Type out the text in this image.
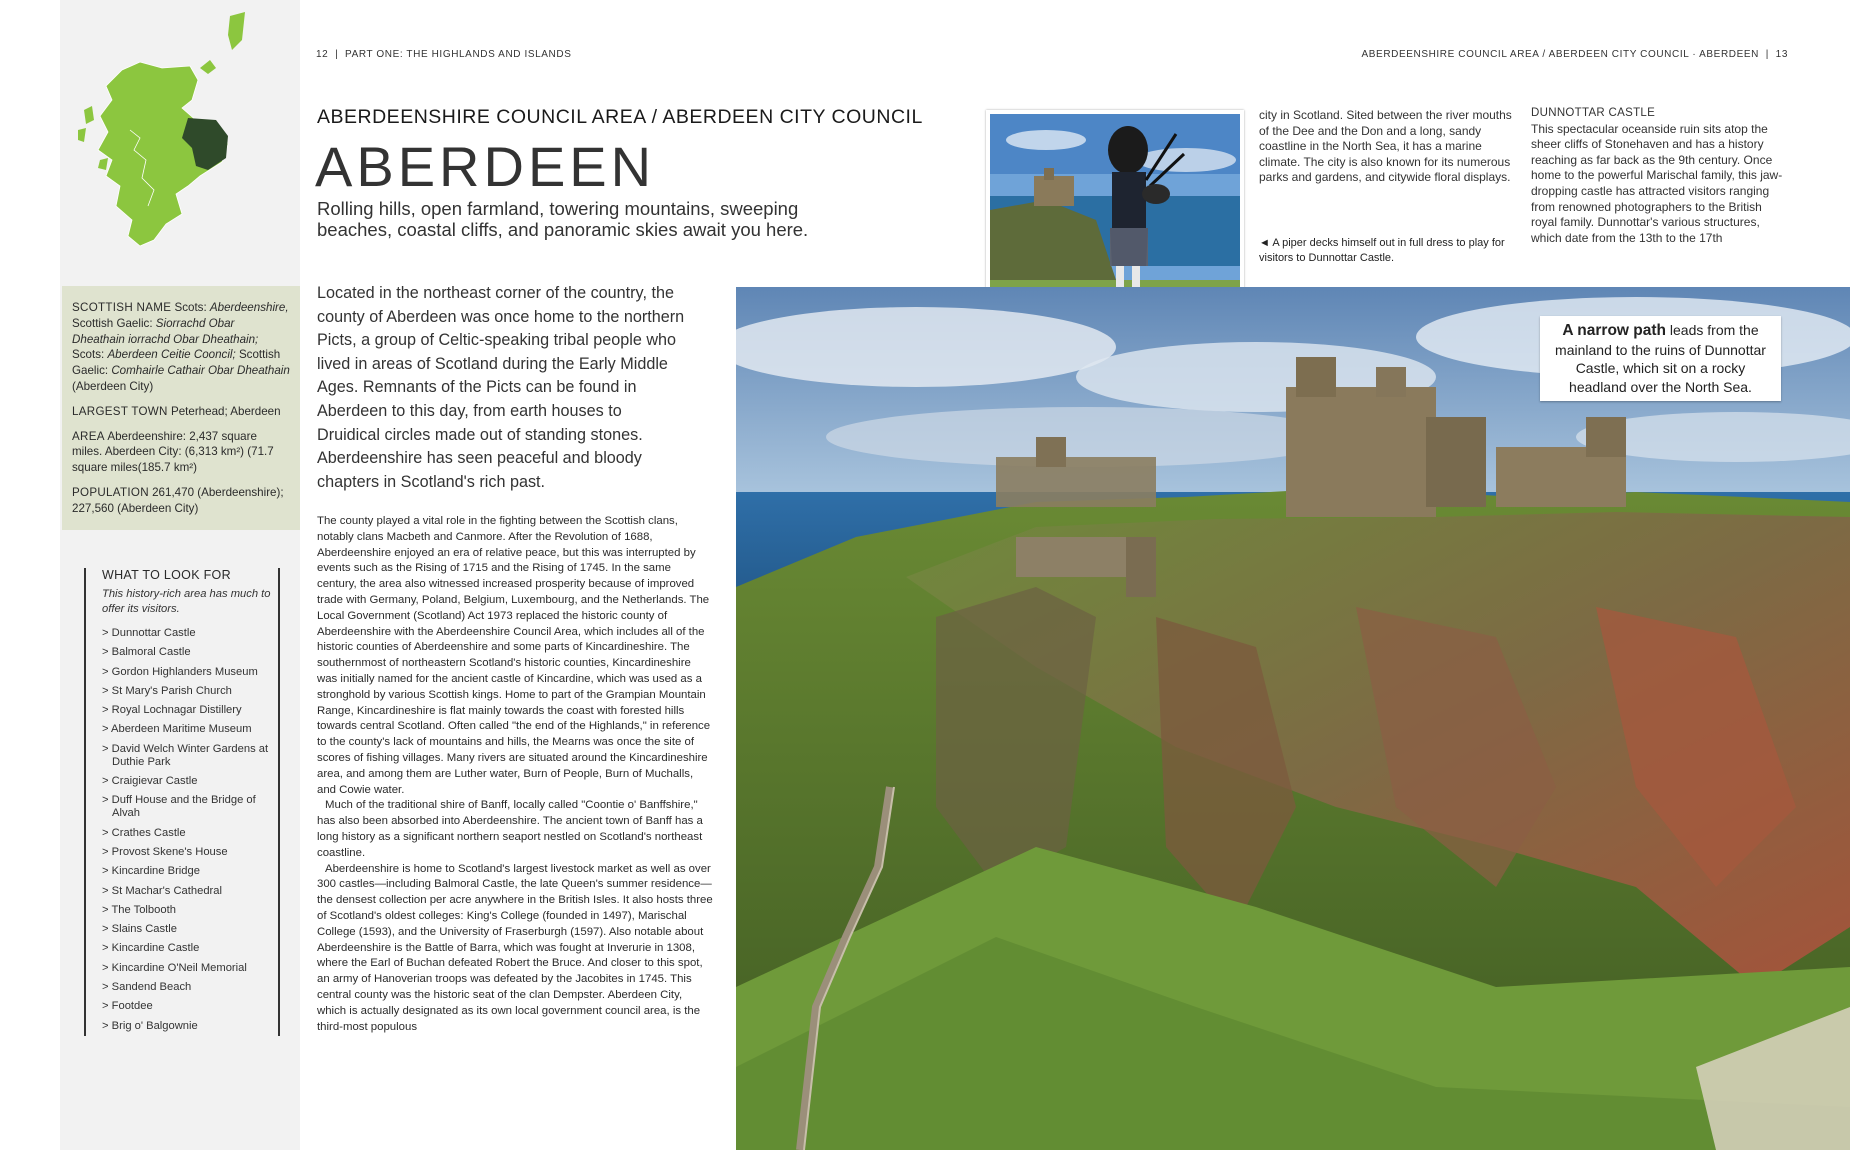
12  |  PART ONE: THE HIGHLANDS AND ISLANDS	ABERDEENSHIRE COUNCIL AREA / ABERDEEN CITY COUNCIL · ABERDEEN  |  13

SCOTTISH NAME Scots: Aberdeenshire, Scottish Gaelic: Siorrachd Obar Dheathain iorrachd Obar Dheathain; Scots: Aberdeen Ceitie Cooncil; Scottish Gaelic: Comhairle Cathair Obar Dheathain (Aberdeen City)

LARGEST TOWN Peterhead; Aberdeen

AREA Aberdeenshire: 2,437 square miles. Aberdeen City: (6,313 km²) (71.7 square miles(185.7 km²)

POPULATION 261,470 (Aberdeenshire); 227,560 (Aberdeen City)

WHAT TO LOOK FOR
This history-rich area has much to offer its visitors.
> Dunnottar Castle
> Balmoral Castle
> Gordon Highlanders Museum
> St Mary's Parish Church
> Royal Lochnagar Distillery
> Aberdeen Maritime Museum
> David Welch Winter Gardens at Duthie Park
> Craigievar Castle
> Duff House and the Bridge of Alvah
> Crathes Castle
> Provost Skene's House
> Kincardine Bridge
> St Machar's Cathedral
> The Tolbooth
> Slains Castle
> Kincardine Castle
> Kincardine O'Neil Memorial
> Sandend Beach
> Footdee
> Brig o' Balgownie
ABERDEENSHIRE COUNCIL AREA / ABERDEEN CITY COUNCIL
ABERDEEN
Rolling hills, open farmland, towering mountains, sweeping beaches, coastal cliffs, and panoramic skies await you here.
Located in the northeast corner of the country, the county of Aberdeen was once home to the northern Picts, a group of Celtic-speaking tribal people who lived in areas of Scotland during the Early Middle Ages. Remnants of the Picts can be found in Aberdeen to this day, from earth houses to Druidical circles made out of standing stones. Aberdeenshire has seen peaceful and bloody chapters in Scotland's rich past.

The county played a vital role in the fighting between the Scottish clans, notably clans Macbeth and Canmore. After the Revolution of 1688, Aberdeenshire enjoyed an era of relative peace, but this was interrupted by events such as the Rising of 1715 and the Rising of 1745. In the same century, the area also witnessed increased prosperity because of improved trade with Germany, Poland, Belgium, Luxembourg, and the Netherlands. The Local Government (Scotland) Act 1973 replaced the historic county of Aberdeenshire with the Aberdeenshire Council Area, which includes all of the historic counties of Aberdeenshire and some parts of Kincardineshire. The southernmost of northeastern Scotland's historic counties, Kincardineshire was initially named for the ancient castle of Kincardine, which was used as a stronghold by various Scottish kings. Home to part of the Grampian Mountain Range, Kincardineshire is flat mainly towards the coast with forested hills towards central Scotland. Often called "the end of the Highlands," in reference to the county's lack of mountains and hills, the Mearns was once the site of scores of fishing villages. Many rivers are situated around the Kincardineshire area, and among them are Luther water, Burn of People, Burn of Muchalls, and Cowie water.

Much of the traditional shire of Banff, locally called "Coontie o' Banffshire," has also been absorbed into Aberdeenshire. The ancient town of Banff has a long history as a significant northern seaport nestled on Scotland's northeast coastline.

Aberdeenshire is home to Scotland's largest livestock market as well as over 300 castles—including Balmoral Castle, the late Queen's summer residence—the densest collection per acre anywhere in the British Isles. It also hosts three of Scotland's oldest colleges: King's College (founded in 1497), Marischal College (1593), and the University of Fraserburgh (1597). Also notable about Aberdeenshire is the Battle of Barra, which was fought at Inverurie in 1308, where the Earl of Buchan defeated Robert the Bruce. And closer to this spot, an army of Hanoverian troops was defeated by the Jacobites in 1745. This central county was the historic seat of the clan Dempster. Aberdeen City, which is actually designated as its own local government council area, is the third-most populous

city in Scotland. Sited between the river mouths of the Dee and the Don and a long, sandy coastline in the North Sea, it has a marine climate. The city is also known for its numerous parks and gardens, and citywide floral displays.
◄ A piper decks himself out in full dress to play for visitors to Dunnottar Castle.
DUNNOTTAR CASTLE
This spectacular oceanside ruin sits atop the sheer cliffs of Stonehaven and has a history reaching as far back as the 9th century. Once home to the powerful Marischal family, this jaw-dropping castle has attracted visitors ranging from renowned photographers to the British royal family. Dunnottar's various structures, which date from the 13th to the 17th
A narrow path leads from the mainland to the ruins of Dunnottar Castle, which sit on a rocky headland over the North Sea.
